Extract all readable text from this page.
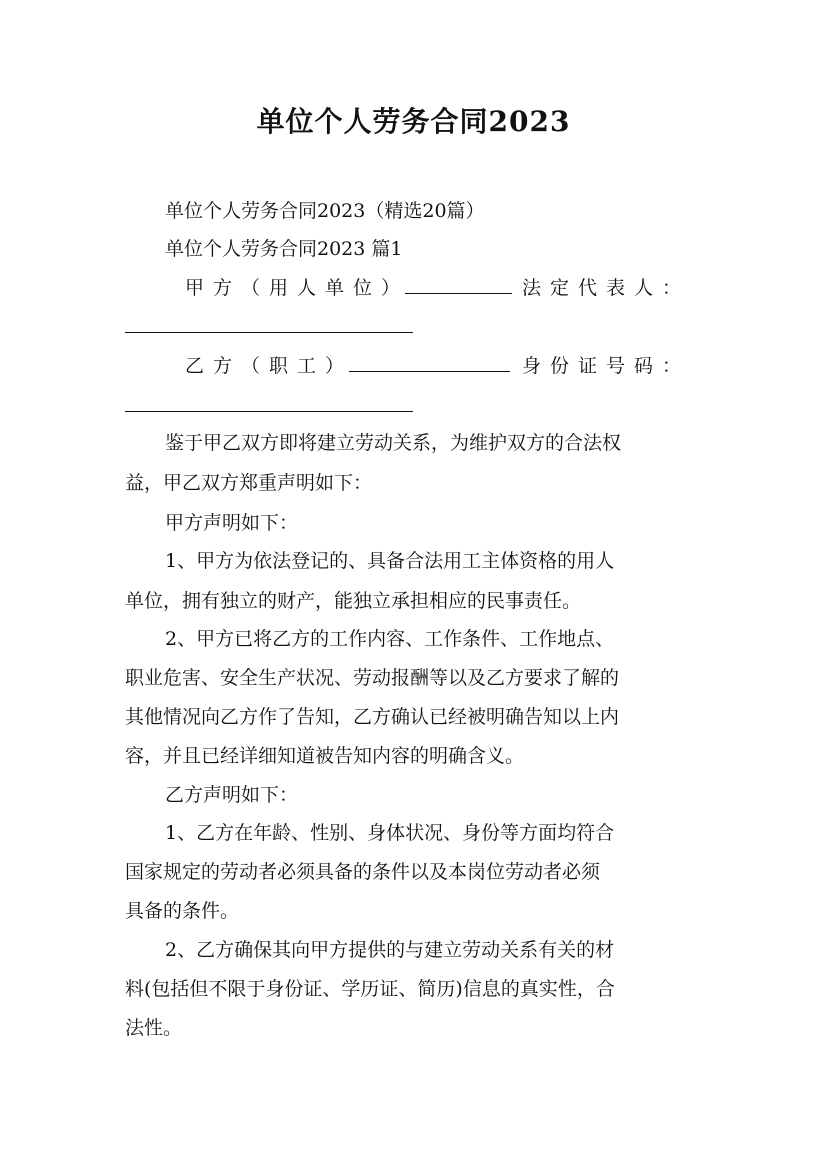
单位个人劳务合同2023
单位个人劳务合同2023（精选20篇）
单位个人劳务合同2023 篇1
甲方（用人单位）	法定代表人：
乙方（职工）	身份证号码：
鉴于甲乙双方即将建立劳动关系，为维护双方的合法权
益，甲乙双方郑重声明如下：
甲方声明如下：
1、甲方为依法登记的、具备合法用工主体资格的用人
单位，拥有独立的财产，能独立承担相应的民事责任。
2、甲方已将乙方的工作内容、工作条件、工作地点、
职业危害、安全生产状况、劳动报酬等以及乙方要求了解的
其他情况向乙方作了告知，乙方确认已经被明确告知以上内
容，并且已经详细知道被告知内容的明确含义。
乙方声明如下：
1、乙方在年龄、性别、身体状况、身份等方面均符合
国家规定的劳动者必须具备的条件以及本岗位劳动者必须
具备的条件。
2、乙方确保其向甲方提供的与建立劳动关系有关的材
料(包括但不限于身份证、学历证、简历)信息的真实性，合
法性。
